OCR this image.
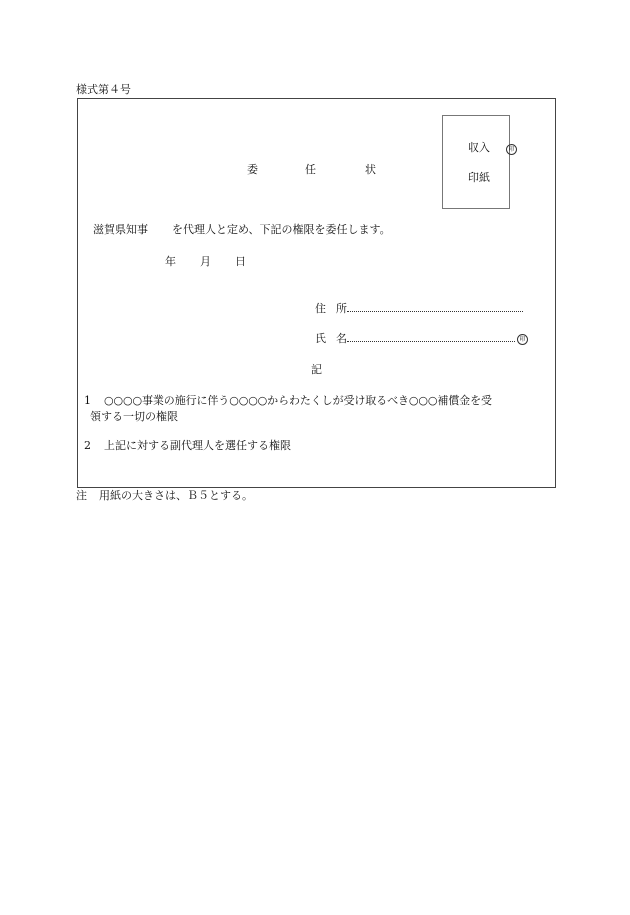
様式第４号
収入	印
印紙
委	任	状
滋賀県知事 を代理人と定め、下記の権限を委任します。
年 月 日
住 所
氏 名	印
記
1 ○○○○事業の施行に伴う○○○○からわたくしが受け取るべき○○○補償金を受
領する一切の権限
2 上記に対する副代理人を選任する権限
注 用紙の大きさは、Ｂ５とする。
